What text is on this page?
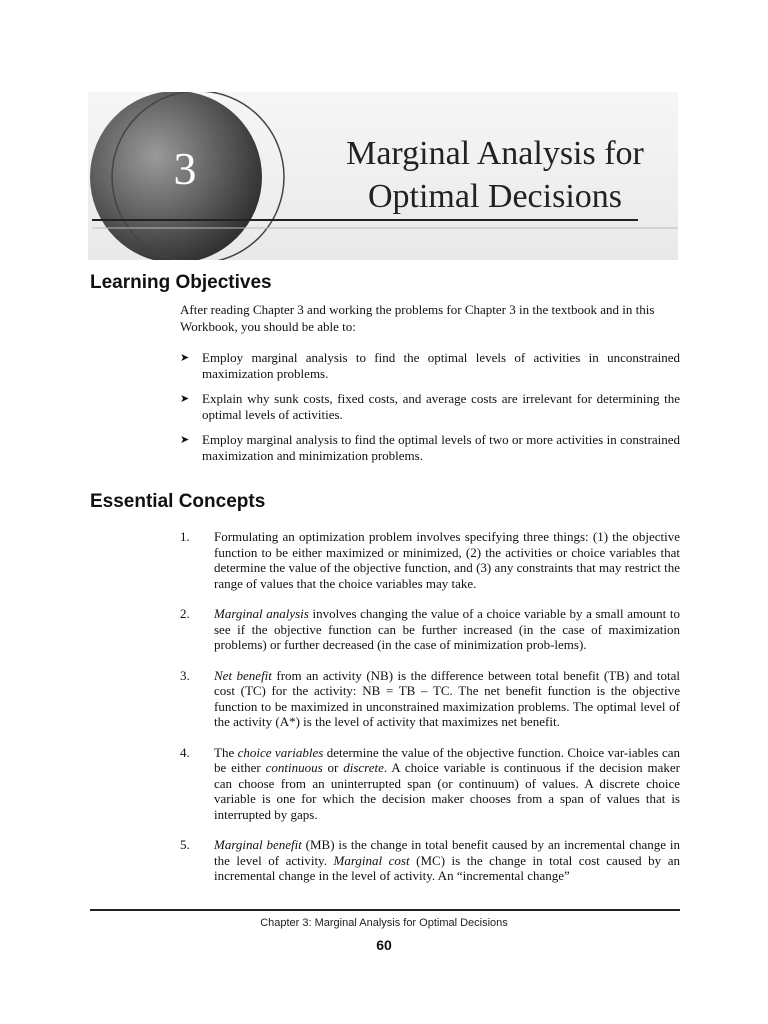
3	Marginal Analysis for
Optimal Decisions
Learning Objectives
After reading Chapter 3 and working the problems for Chapter 3 in the textbook and in this Workbook, you should be able to:
➤ Employ marginal analysis to find the optimal levels of activities in unconstrained maximization problems.
➤ Explain why sunk costs, fixed costs, and average costs are irrelevant for determining the optimal levels of activities.
➤ Employ marginal analysis to find the optimal levels of two or more activities in constrained maximization and minimization problems.
Essential Concepts
1. Formulating an optimization problem involves specifying three things: (1) the objective function to be either maximized or minimized, (2) the activities or choice variables that determine the value of the objective function, and (3) any constraints that may restrict the range of values that the choice variables may take.
2. Marginal analysis involves changing the value of a choice variable by a small amount to see if the objective function can be further increased (in the case of maximization problems) or further decreased (in the case of minimization prob-lems).
3. Net benefit from an activity (NB) is the difference between total benefit (TB) and total cost (TC) for the activity: NB = TB – TC. The net benefit function is the objective function to be maximized in unconstrained maximization problems. The optimal level of the activity (A*) is the level of activity that maximizes net benefit.
4. The choice variables determine the value of the objective function. Choice var-iables can be either continuous or discrete. A choice variable is continuous if the decision maker can choose from an uninterrupted span (or continuum) of values. A discrete choice variable is one for which the decision maker chooses from a span of values that is interrupted by gaps.
5. Marginal benefit (MB) is the change in total benefit caused by an incremental change in the level of activity. Marginal cost (MC) is the change in total cost caused by an incremental change in the level of activity. An “incremental change”
Chapter 3: Marginal Analysis for Optimal Decisions
60
